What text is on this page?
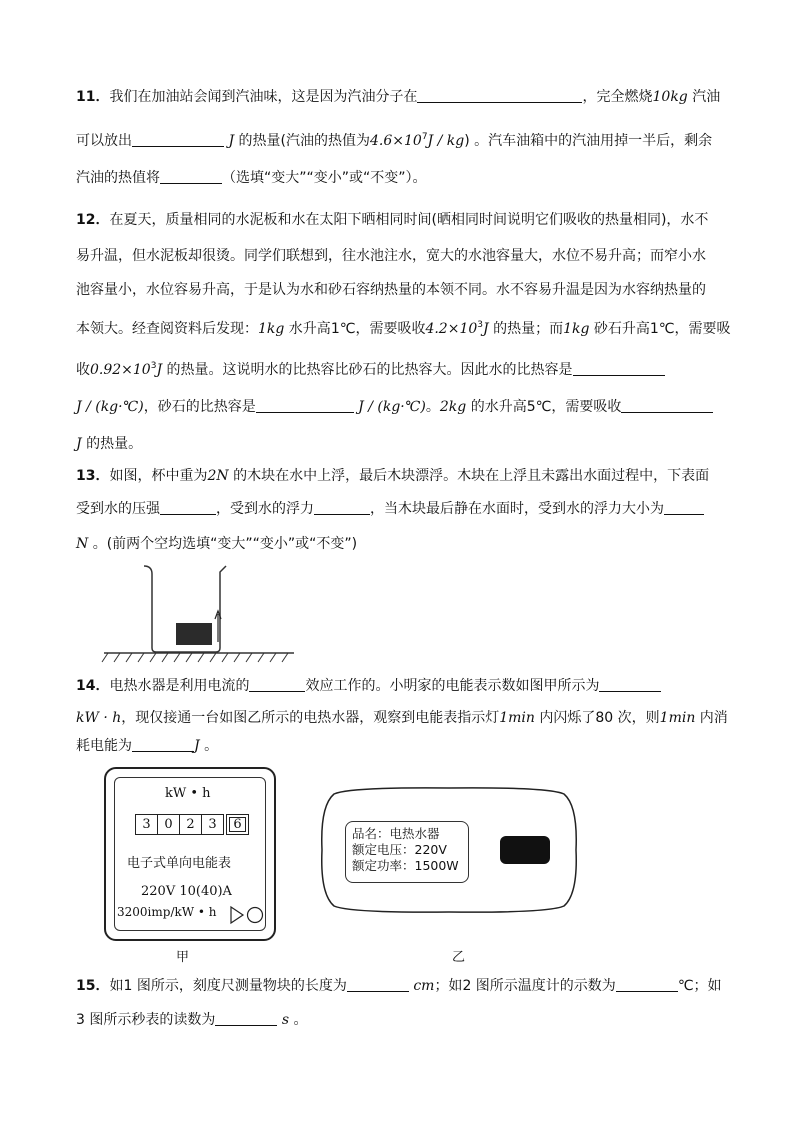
11．我们在加油站会闻到汽油味，这是因为汽油分子在	，完全燃烧10kg 汽油
可以放出	J 的热量(汽油的热值为$4.6\times 10^7J / kg$) 。汽车油箱中的汽油用掉一半后，剩余
汽油的热值将	（选填“变大”“变小”或“不变”）。
12．在夏天，质量相同的水泥板和水在太阳下晒相同时间(晒相同时间说明它们吸收的热量相同)，水不
易升温，但水泥板却很烫。同学们联想到，往水池注水，宽大的水池容量大，水位不易升高；而窄小水
池容量小，水位容易升高，于是认为水和砂石容纳热量的本领不同。水不容易升温是因为水容纳热量的
本领大。经查阅资料后发现：1kg 水升高1℃，需要吸收$4.2\times 10^3J$ 的热量；而1kg 砂石升高1℃，需要吸
收$0.92\times 10^3J$ 的热量。这说明水的比热容比砂石的比热容大。因此水的比热容是
J / (kg·℃)，砂石的比热容是	J / (kg·℃)。2kg 的水升高5℃，需要吸收
J 的热量。
13．如图，杯中重为2N 的木块在水中上浮，最后木块漂浮。木块在上浮且未露出水面过程中，下表面
受到水的压强	，受到水的浮力	，当木块最后静在水面时，受到水的浮力大小为
N 。(前两个空均选填“变大”“变小”或“不变”)
14．电热水器是利用电流的	效应工作的。小明家的电能表示数如图甲所示为
kW · h，现仅接通一台如图乙所示的电热水器，观察到电能表指示灯1min 内闪烁了80 次，则1min 内消
耗电能为	J 。
kW • h
3	0	2	3	6
电子式单向电能表
220V 10(40)A
3200imp/kW • h
甲
品名：电热水器
额定电压：220V
额定功率：1500W
乙
15．如1 图所示，刻度尺测量物块的长度为	cm；如2 图所示温度计的示数为	℃；如
3 图所示秒表的读数为	s 。
